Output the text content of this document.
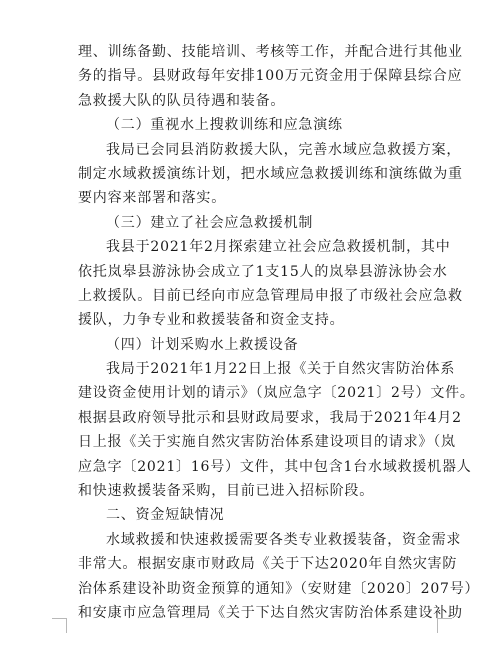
理、训练备勤、技能培训、考核等工作，并配合进行其他业
务的指导。县财政每年安排100万元资金用于保障县综合应
急救援大队的队员待遇和装备。
（二）重视水上搜救训练和应急演练
我局已会同县消防救援大队，完善水域应急救援方案，
制定水域救援演练计划，把水域应急救援训练和演练做为重
要内容来部署和落实。
（三）建立了社会应急救援机制
我县于2021年2月探索建立社会应急救援机制，其中
依托岚皋县游泳协会成立了1支15人的岚皋县游泳协会水
上救援队。目前已经向市应急管理局申报了市级社会应急救
援队，力争专业和救援装备和资金支持。
（四）计划采购水上救援设备
我局于2021年1月22日上报《关于自然灾害防治体系
建设资金使用计划的请示》（岚应急字〔2021〕2号）文件。
根据县政府领导批示和县财政局要求，我局于2021年4月2
日上报《关于实施自然灾害防治体系建设项目的请求》（岚
应急字〔2021〕16号）文件，其中包含1台水域救援机器人
和快速救援装备采购，目前已进入招标阶段。
二、资金短缺情况
水域救援和快速救援需要各类专业救援装备，资金需求
非常大。根据安康市财政局《关于下达2020年自然灾害防
治体系建设补助资金预算的通知》（安财建〔2020〕207号）
和安康市应急管理局《关于下达自然灾害防治体系建设补助
